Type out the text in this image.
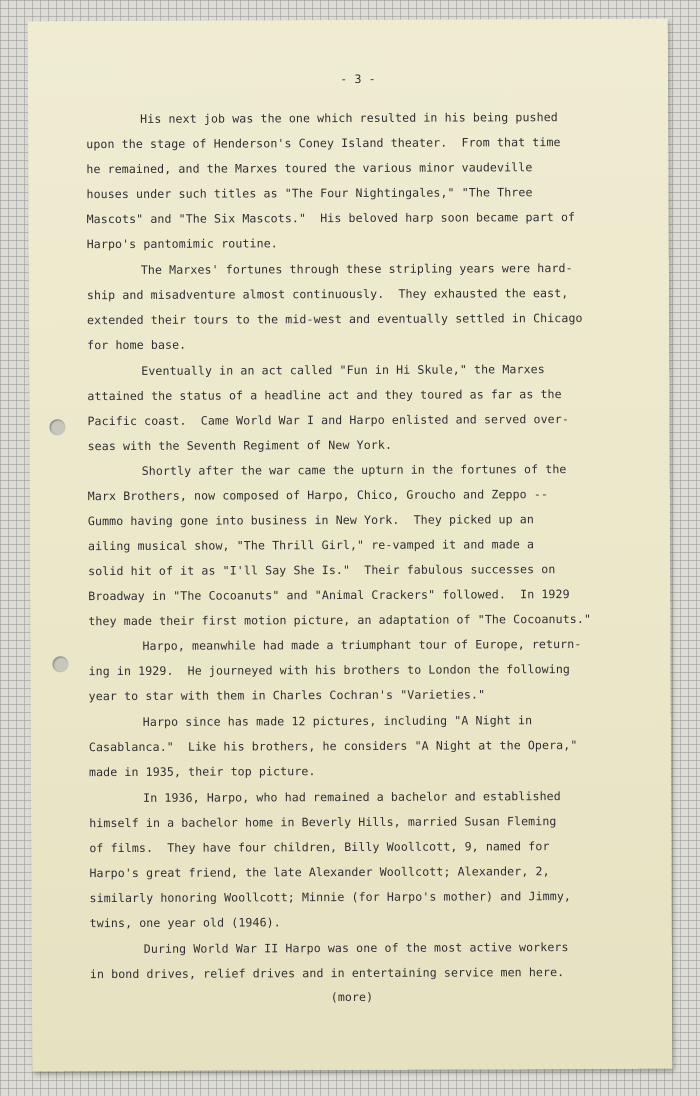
- 3 -
His next job was the one which resulted in his being pushed
upon the stage of Henderson's Coney Island theater.  From that time
he remained, and the Marxes toured the various minor vaudeville
houses under such titles as "The Four Nightingales," "The Three
Mascots" and "The Six Mascots."  His beloved harp soon became part of
Harpo's pantomimic routine.
The Marxes' fortunes through these stripling years were hard-
ship and misadventure almost continuously.  They exhausted the east,
extended their tours to the mid-west and eventually settled in Chicago
for home base.
Eventually in an act called "Fun in Hi Skule," the Marxes
attained the status of a headline act and they toured as far as the
Pacific coast.  Came World War I and Harpo enlisted and served over-
seas with the Seventh Regiment of New York.
Shortly after the war came the upturn in the fortunes of the
Marx Brothers, now composed of Harpo, Chico, Groucho and Zeppo --
Gummo having gone into business in New York.  They picked up an
ailing musical show, "The Thrill Girl," re-vamped it and made a
solid hit of it as "I'll Say She Is."  Their fabulous successes on
Broadway in "The Cocoanuts" and "Animal Crackers" followed.  In 1929
they made their first motion picture, an adaptation of "The Cocoanuts."
Harpo, meanwhile had made a triumphant tour of Europe, return-
ing in 1929.  He journeyed with his brothers to London the following
year to star with them in Charles Cochran's "Varieties."
Harpo since has made 12 pictures, including "A Night in
Casablanca."  Like his brothers, he considers "A Night at the Opera,"
made in 1935, their top picture.
In 1936, Harpo, who had remained a bachelor and established
himself in a bachelor home in Beverly Hills, married Susan Fleming
of films.  They have four children, Billy Woollcott, 9, named for
Harpo's great friend, the late Alexander Woollcott; Alexander, 2,
similarly honoring Woollcott; Minnie (for Harpo's mother) and Jimmy,
twins, one year old (1946).
During World War II Harpo was one of the most active workers
in bond drives, relief drives and in entertaining service men here.
(more)
